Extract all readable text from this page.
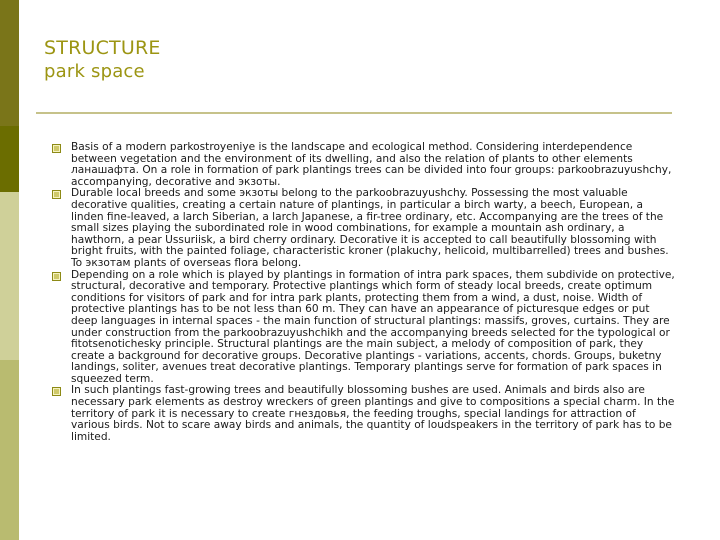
STRUCTURE
park space
Basis of a modern parkostroyeniye is the landscape and ecological method. Considering interdependence between vegetation and the environment of its dwelling, and also the relation of plants to other elements ланашафта. On a role in formation of park plantings trees can be divided into four groups: parkoobrazuyushchy, accompanying, decorative and экзоты.
Durable local breeds and some экзоты belong to the parkoobrazuyushchy. Possessing the most valuable decorative qualities, creating a certain nature of plantings, in particular a birch warty, a beech, European, a linden fine-leaved, a larch Siberian, a larch Japanese, a fir-tree ordinary, etc. Accompanying are the trees of the small sizes playing the subordinated role in wood combinations, for example a mountain ash ordinary, a hawthorn, a pear Ussuriisk, a bird cherry ordinary. Decorative it is accepted to call beautifully blossoming with bright fruits, with the painted foliage, characteristic kroner (plakuchy, helicoid, multibarrelled) trees and bushes. To экзотам plants of overseas flora belong.
Depending on a role which is played by plantings in formation of intra park spaces, them subdivide on protective, structural, decorative and temporary. Protective plantings which form of steady local breeds, create optimum conditions for visitors of park and for intra park plants, protecting them from a wind, a dust, noise. Width of protective plantings has to be not less than 60 m. They can have an appearance of picturesque edges or put deep languages in internal spaces - the main function of structural plantings: massifs, groves, curtains. They are under construction from the parkoobrazuyushchikh and the accompanying breeds selected for the typological or fitotsenotichesky principle. Structural plantings are the main subject, a melody of composition of park, they create a background for decorative groups. Decorative plantings - variations, accents, chords. Groups, buketny landings, soliter, avenues treat decorative plantings. Temporary plantings serve for formation of park spaces in squeezed term.
In such plantings fast-growing trees and beautifully blossoming bushes are used. Animals and birds also are necessary park elements as destroy wreckers of green plantings and give to compositions a special charm. In the territory of park it is necessary to create гнездовья, the feeding troughs, special landings for attraction of various birds. Not to scare away birds and animals, the quantity of loudspeakers in the territory of park has to be limited.
